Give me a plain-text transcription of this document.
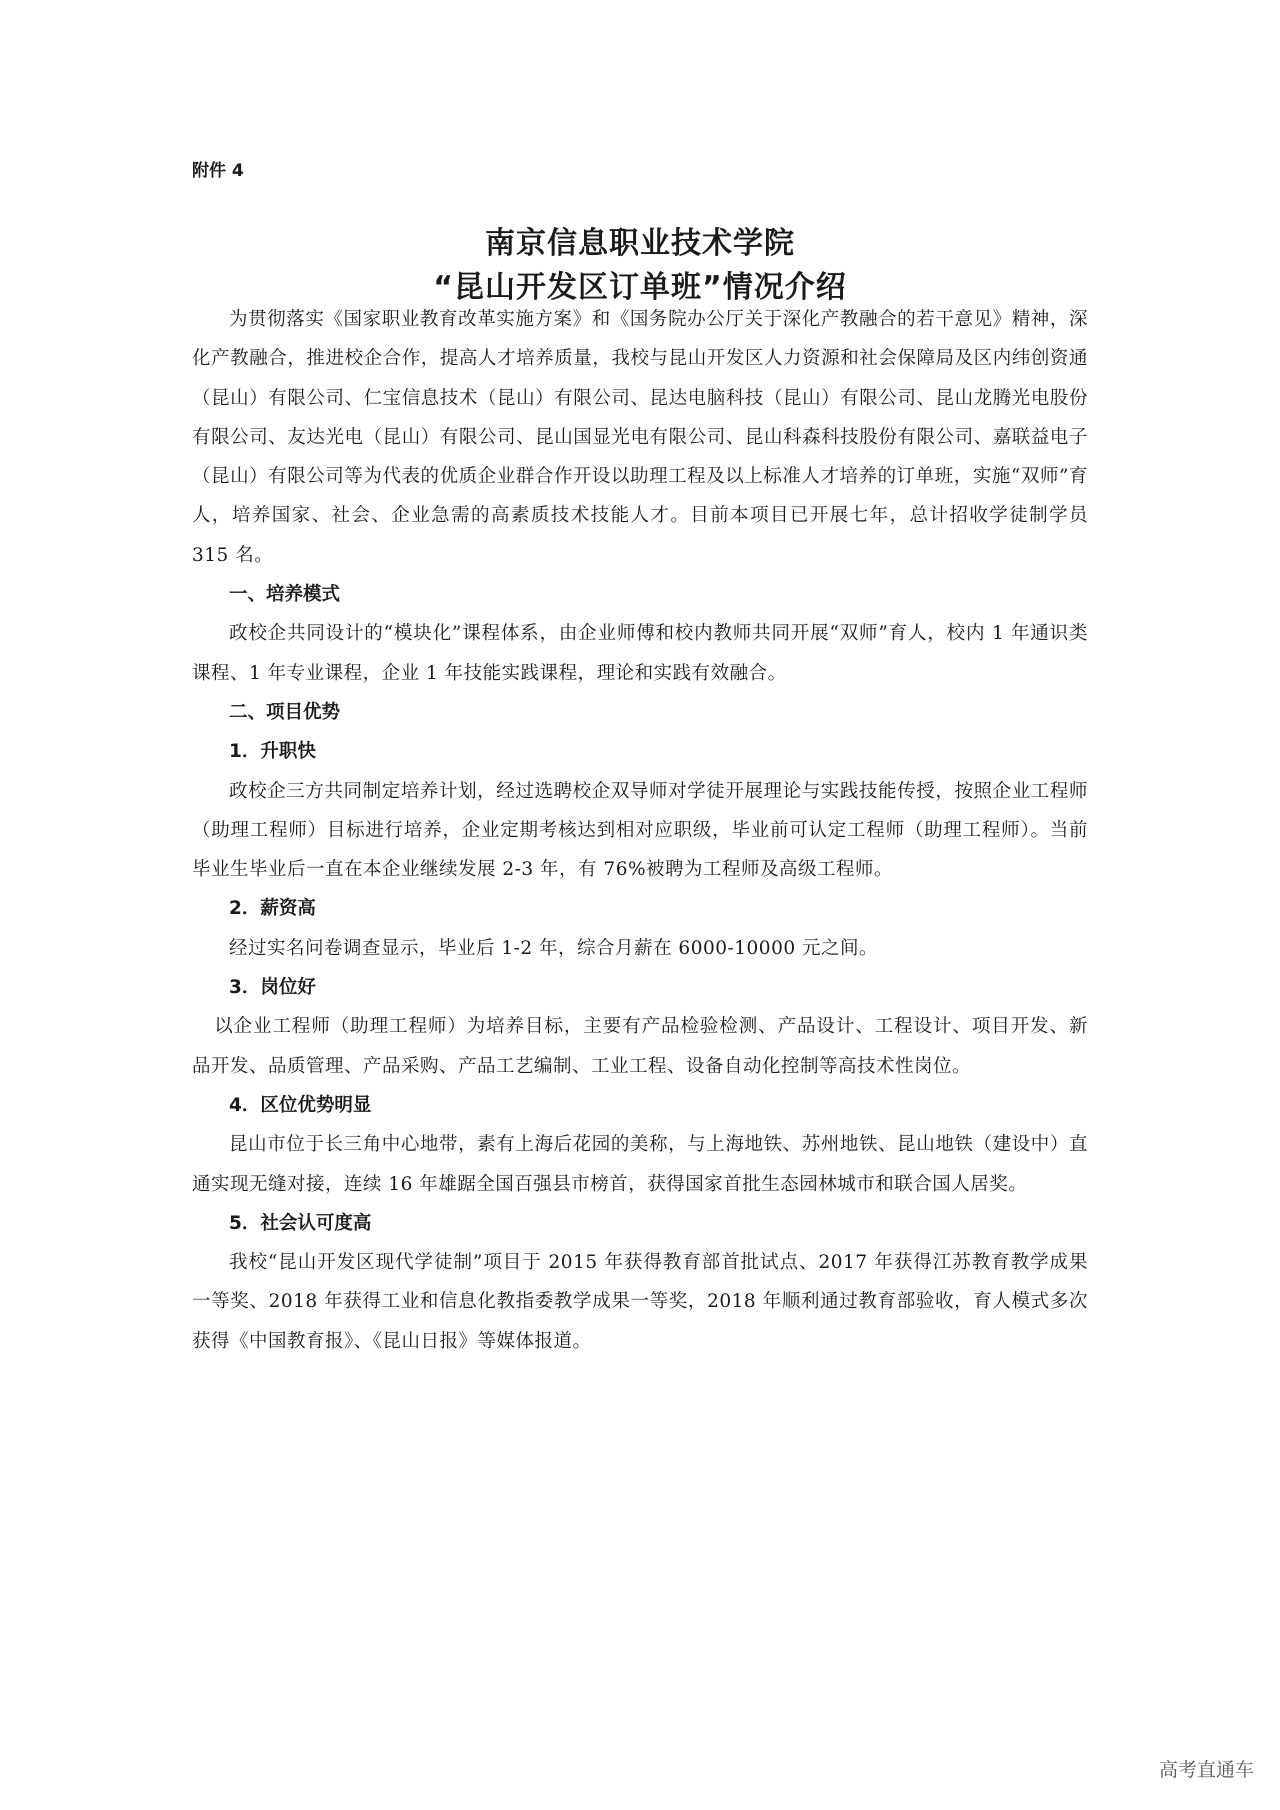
附件 4
南京信息职业技术学院
“昆山开发区订单班”情况介绍

为贯彻落实《国家职业教育改革实施方案》和《国务院办公厅关于深化产教融合的若干意见》精神，深化产教融合，推进校企合作，提高人才培养质量，我校与昆山开发区人力资源和社会保障局及区内纬创资通（昆山）有限公司、仁宝信息技术（昆山）有限公司、昆达电脑科技（昆山）有限公司、昆山龙腾光电股份有限公司、友达光电（昆山）有限公司、昆山国显光电有限公司、昆山科森科技股份有限公司、嘉联益电子（昆山）有限公司等为代表的优质企业群合作开设以助理工程及以上标准人才培养的订单班，实施“双师”育人，培养国家、社会、企业急需的高素质技术技能人才。目前本项目已开展七年，总计招收学徒制学员 315 名。

一、培养模式

政校企共同设计的“模块化”课程体系，由企业师傅和校内教师共同开展“双师”育人，校内 1 年通识类课程、1 年专业课程，企业 1 年技能实践课程，理论和实践有效融合。

二、项目优势

1．升职快

政校企三方共同制定培养计划，经过选聘校企双导师对学徒开展理论与实践技能传授，按照企业工程师（助理工程师）目标进行培养，企业定期考核达到相对应职级，毕业前可认定工程师（助理工程师）。当前毕业生毕业后一直在本企业继续发展 2-3 年，有 76%被聘为工程师及高级工程师。

2．薪资高

经过实名问卷调查显示，毕业后 1-2 年，综合月薪在 6000-10000 元之间。

3．岗位好

以企业工程师（助理工程师）为培养目标，主要有产品检验检测、产品设计、工程设计、项目开发、新品开发、品质管理、产品采购、产品工艺编制、工业工程、设备自动化控制等高技术性岗位。

4．区位优势明显

昆山市位于长三角中心地带，素有上海后花园的美称，与上海地铁、苏州地铁、昆山地铁（建设中）直通实现无缝对接，连续 16 年雄踞全国百强县市榜首，获得国家首批生态园林城市和联合国人居奖。

5．社会认可度高

我校“昆山开发区现代学徒制”项目于 2015 年获得教育部首批试点、2017 年获得江苏教育教学成果一等奖、2018 年获得工业和信息化教指委教学成果一等奖，2018 年顺利通过教育部验收，育人模式多次获得《中国教育报》、《昆山日报》等媒体报道。

高考直通车
